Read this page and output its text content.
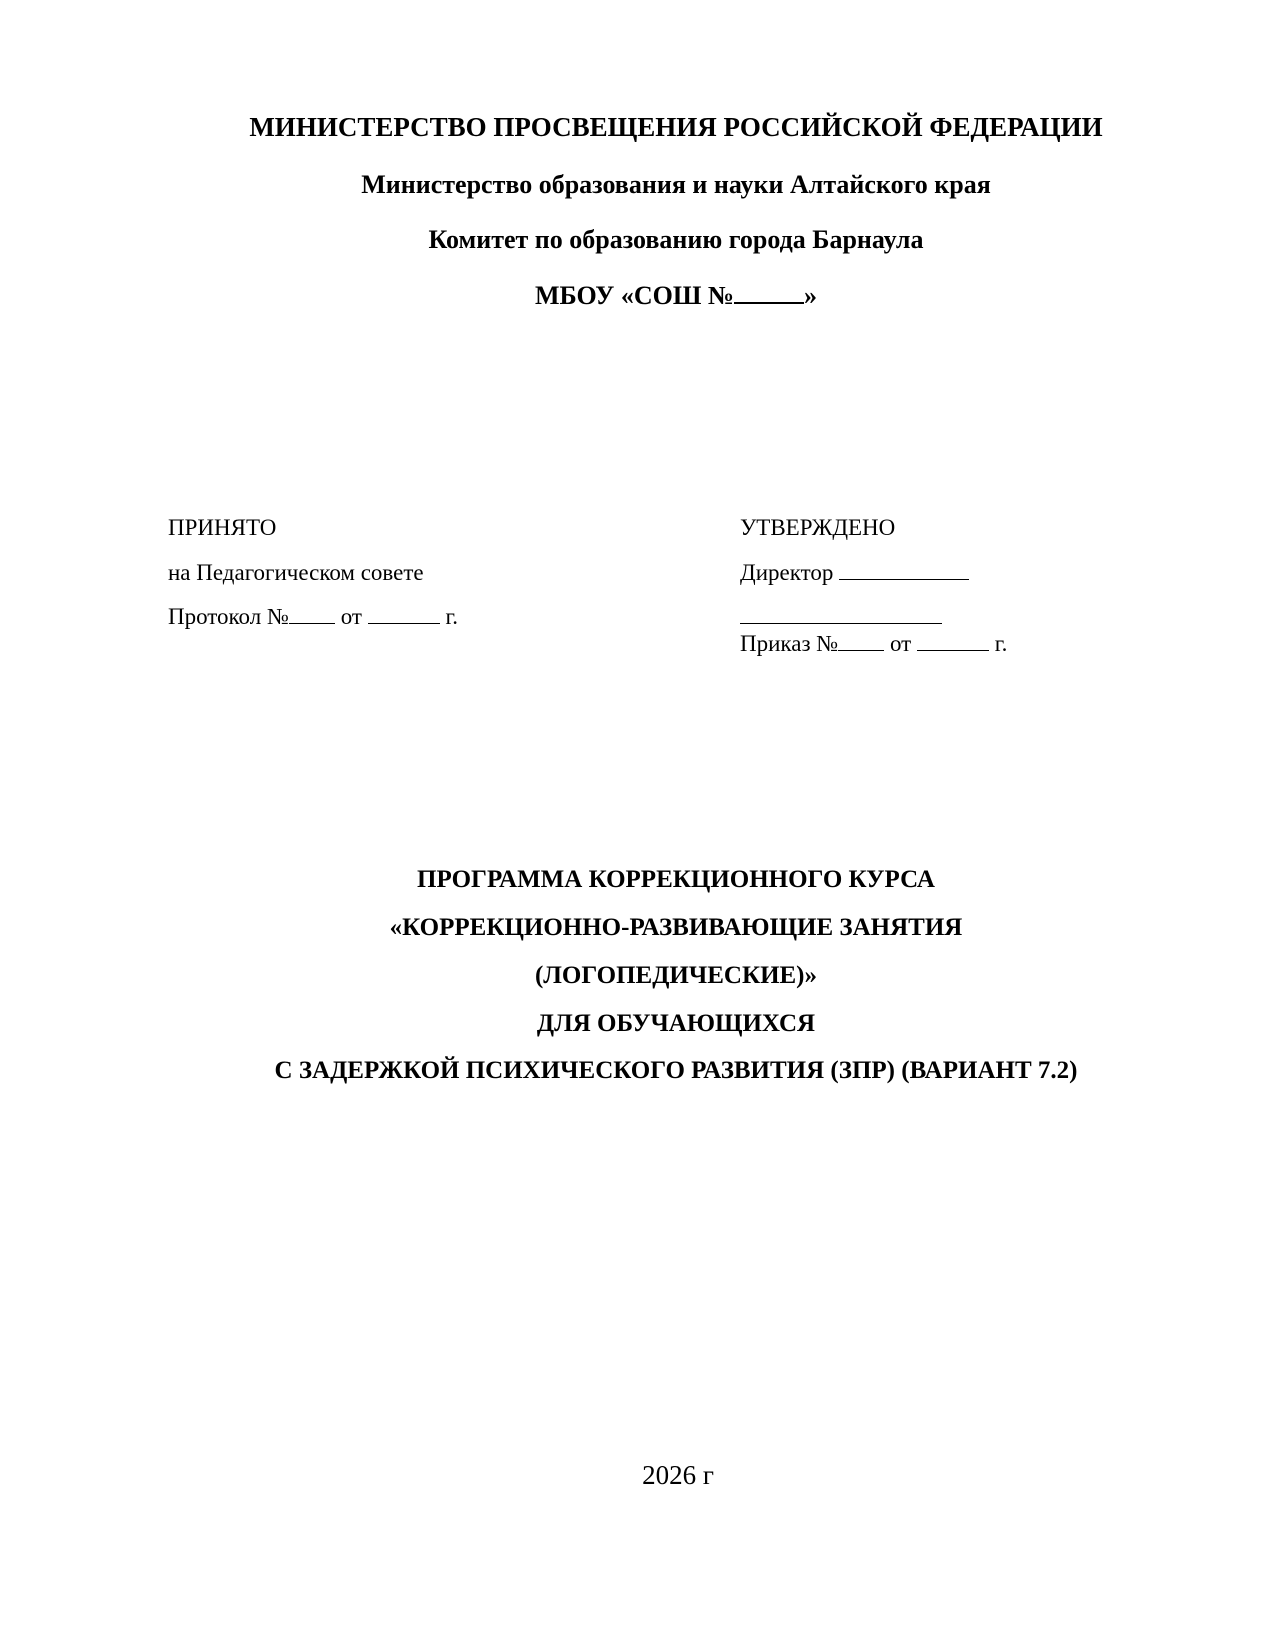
МИНИСТЕРСТВО ПРОСВЕЩЕНИЯ РОССИЙСКОЙ ФЕДЕРАЦИИ
Министерство образования и науки Алтайского края
Комитет по образованию города Барнаула
МБОУ «СОШ №	»
ПРИНЯТО
на Педагогическом совете
Протокол № от	г.
УТВЕРЖДЕНО
Директор
Приказ № от	г.
ПРОГРАММА КОРРЕКЦИОННОГО КУРСА
«КОРРЕКЦИОННО-РАЗВИВАЮЩИЕ ЗАНЯТИЯ
(ЛОГОПЕДИЧЕСКИЕ)»
ДЛЯ ОБУЧАЮЩИХСЯ
С ЗАДЕРЖКОЙ ПСИХИЧЕСКОГО РАЗВИТИЯ (ЗПР) (ВАРИАНТ 7.2)
2026 г
